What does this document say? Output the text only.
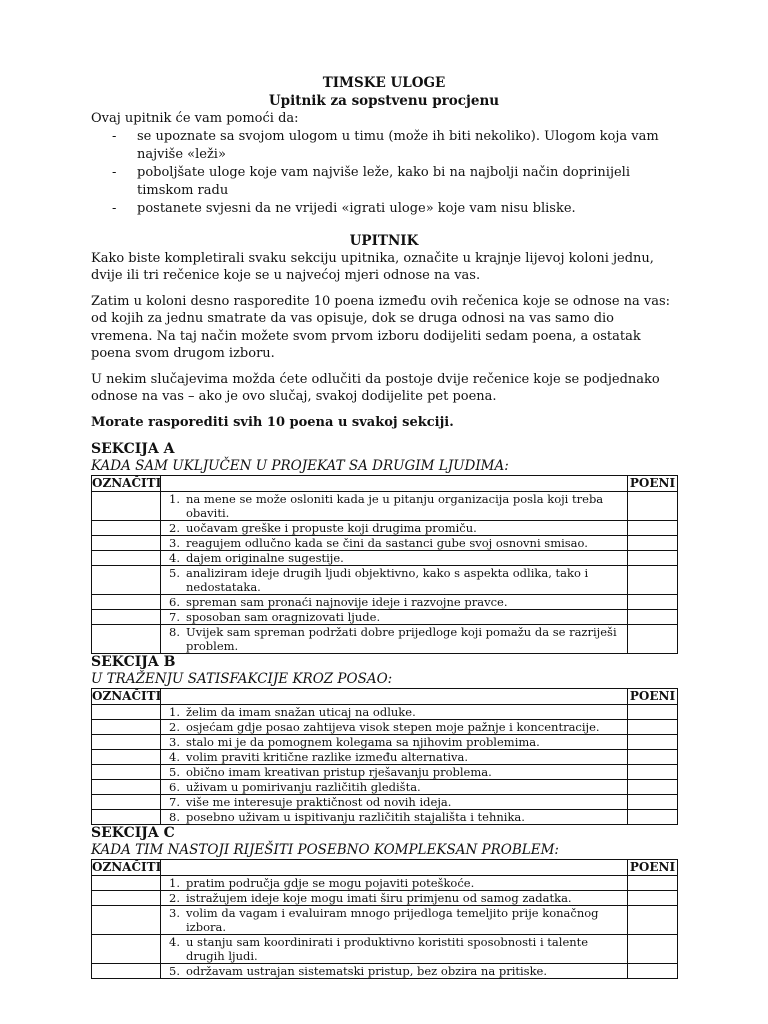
TIMSKE ULOGE
Upitnik za sopstvenu procjenu

Ovaj upitnik će vam pomoći da:

- se upoznate sa svojom ulogom u timu (može ih biti nekoliko). Ulogom koja vam najviše «leži»
- poboljšate uloge koje vam najviše leže, kako bi na najbolji način doprinijeli timskom radu
- postanete svjesni da ne vrijedi «igrati uloge» koje vam nisu bliske.
UPITNIK

Kako biste kompletirali svaku sekciju upitnika, označite u krajnje lijevoj koloni jednu, dvije ili tri rečenice koje se u najvećoj mjeri odnose na vas.

Zatim u koloni desno rasporedite 10 poena između ovih rečenica koje se odnose na vas: od kojih za jednu smatrate da vas opisuje, dok se druga odnosi na vas samo dio vremena. Na taj način možete svom prvom izboru dodijeliti sedam poena, a ostatak poena svom drugom izboru.

U nekim slučajevima možda ćete odlučiti da postoje dvije rečenice koje se podjednako odnose na vas – ako je ovo slučaj, svakoj dodijelite pet poena.

Morate rasporediti svih 10 poena u svakoj sekciji.

SEKCIJA A

KADA SAM UKLJUČEN U PROJEKAT SA DRUGIM LJUDIMA:

OZNAČITI		POENI

	1. na mene se može osloniti kada je u pitanju organizacija posla koji treba obaviti.	

	2. uočavam greške i propuste koji drugima promiču.	

	3. reagujem odlučno kada se čini da sastanci gube svoj osnovni smisao.	

	4. dajem originalne sugestije.	

	5. analiziram ideje drugih ljudi objektivno, kako s aspekta odlika, tako i nedostataka.	

	6. spreman sam pronaći najnovije ideje i razvojne pravce.	

	7. sposoban sam oragnizovati ljude.	

	8. Uvijek sam spreman podržati dobre prijedloge koji pomažu da se razriješi problem.	

SEKCIJA B

U TRAŽENJU SATISFAKCIJE KROZ POSAO:

OZNAČITI		POENI

	1. želim da imam snažan uticaj na odluke.	

	2. osjećam gdje posao zahtijeva visok stepen moje pažnje i koncentracije.	

	3. stalo mi je da pomognem kolegama sa njihovim problemima.	

	4. volim praviti kritične razlike između alternativa.	

	5. obično imam kreativan pristup rješavanju problema.	

	6. uživam u pomirivanju različitih gledišta.	

	7. više me interesuje praktičnost od novih ideja.	

	8. posebno uživam u ispitivanju različitih stajališta i tehnika.	

SEKCIJA C

KADA TIM NASTOJI RIJEŠITI POSEBNO KOMPLEKSAN PROBLEM:

OZNAČITI		POENI

	1. pratim područja gdje se mogu pojaviti poteškoće.	

	2. istražujem ideje koje mogu imati širu primjenu od samog zadatka.	

	3. volim da vagam i evaluiram mnogo prijedloga temeljito prije konačnog izbora.	

	4. u stanju sam koordinirati i produktivno koristiti sposobnosti i talente drugih ljudi.	

	5. održavam ustrajan sistematski pristup, bez obzira na pritiske.	
